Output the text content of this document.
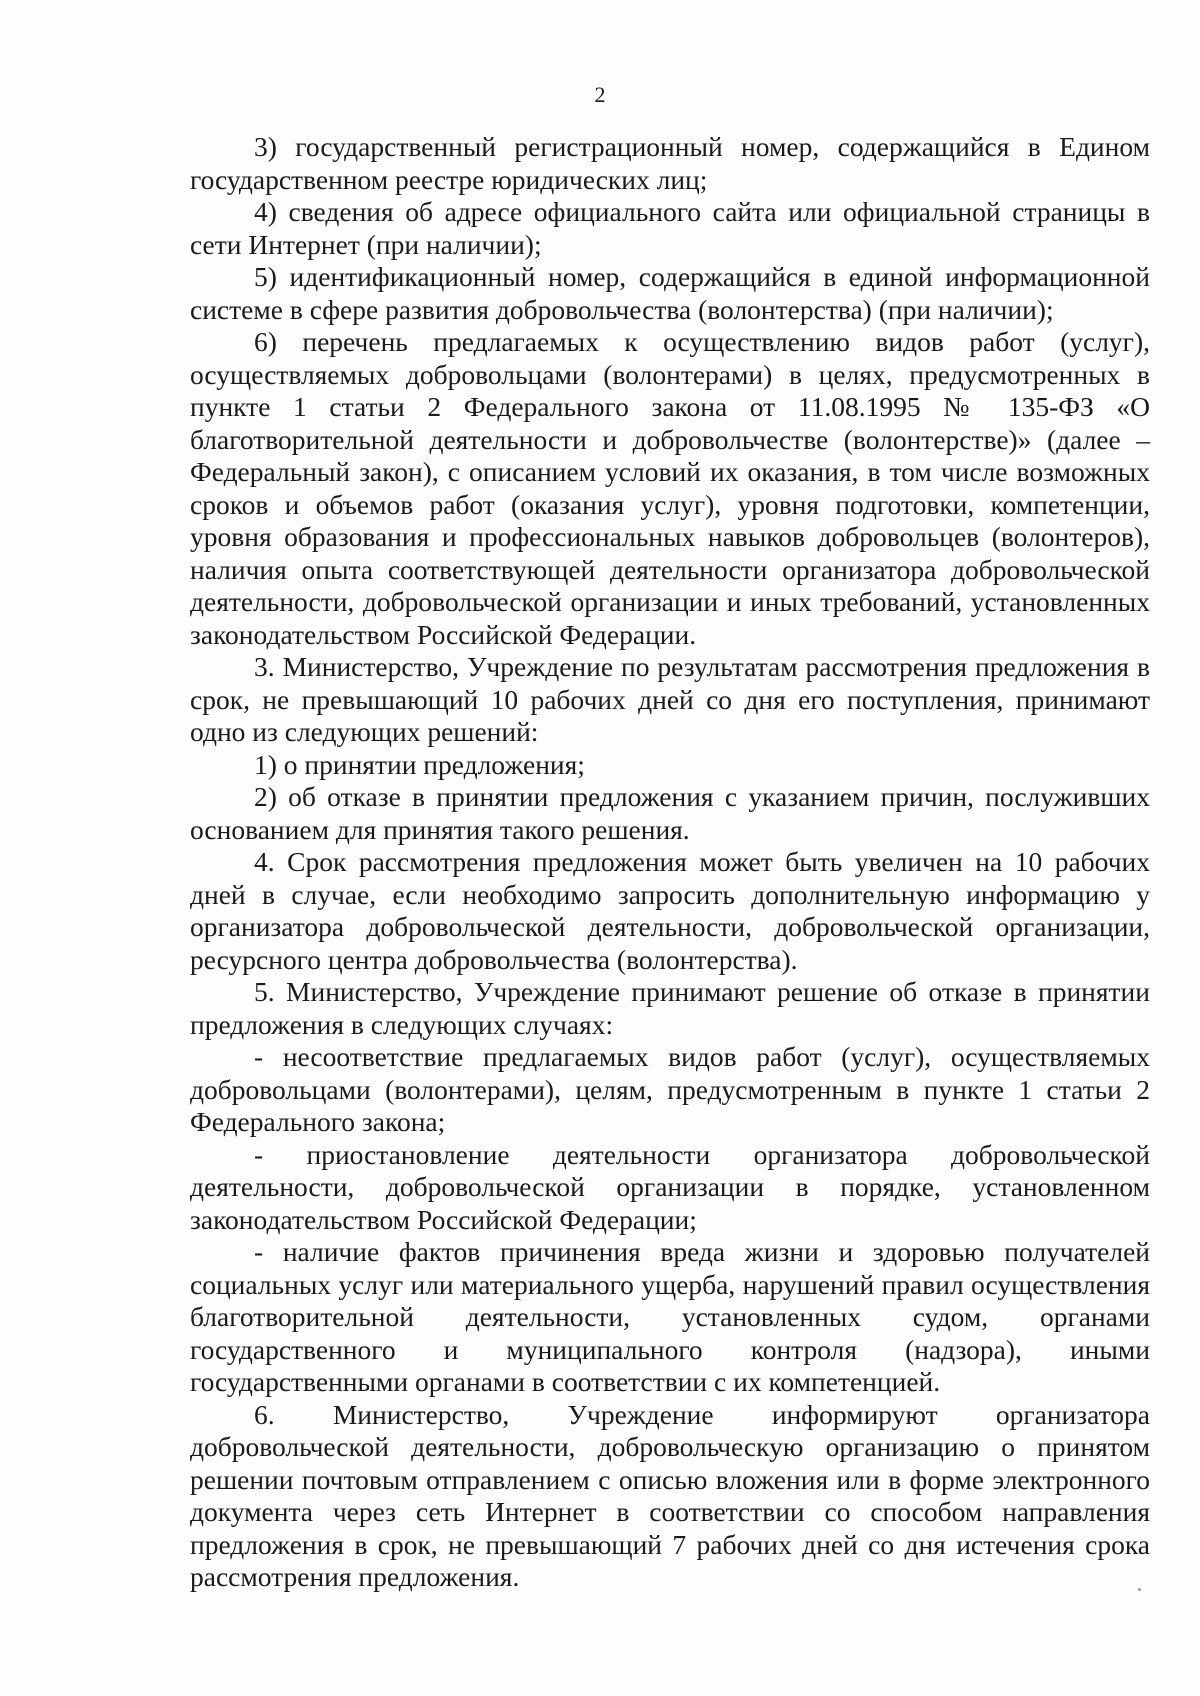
2

3) государственный регистрационный номер, содержащийся в Едином государственном реестре юридических лиц;

4) сведения об адресе официального сайта или официальной страницы в сети Интернет (при наличии);

5) идентификационный номер, содержащийся в единой информационной системе в сфере развития добровольчества (волонтерства) (при наличии);

6) перечень предлагаемых к осуществлению видов работ (услуг), осуществляемых добровольцами (волонтерами) в целях, предусмотренных в пункте 1 статьи 2 Федерального закона от 11.08.1995 № 135-ФЗ «О благотворительной деятельности и добровольчестве (волонтерстве)» (далее – Федеральный закон), с описанием условий их оказания, в том числе возможных сроков и объемов работ (оказания услуг), уровня подготовки, компетенции, уровня образования и профессиональных навыков добровольцев (волонтеров), наличия опыта соответствующей деятельности организатора добровольческой деятельности, добровольческой организации и иных требований, установленных законодательством Российской Федерации.

3. Министерство, Учреждение по результатам рассмотрения предложения в срок, не превышающий 10 рабочих дней со дня его поступления, принимают одно из следующих решений:

1) о принятии предложения;

2) об отказе в принятии предложения с указанием причин, послуживших основанием для принятия такого решения.

4. Срок рассмотрения предложения может быть увеличен на 10 рабочих дней в случае, если необходимо запросить дополнительную информацию у организатора добровольческой деятельности, добровольческой организации, ресурсного центра добровольчества (волонтерства).

5. Министерство, Учреждение принимают решение об отказе в принятии предложения в следующих случаях:

- несоответствие предлагаемых видов работ (услуг), осуществляемых добровольцами (волонтерами), целям, предусмотренным в пункте 1 статьи 2 Федерального закона;

- приостановление деятельности организатора добровольческой деятельности, добровольческой организации в порядке, установленном законодательством Российской Федерации;

- наличие фактов причинения вреда жизни и здоровью получателей социальных услуг или материального ущерба, нарушений правил осуществления благотворительной деятельности, установленных судом, органами государственного и муниципального контроля (надзора), иными государственными органами в соответствии с их компетенцией.

6. Министерство, Учреждение информируют организатора добровольческой деятельности, добровольческую организацию о принятом решении почтовым отправлением с описью вложения или в форме электронного документа через сеть Интернет в соответствии со способом направления предложения в срок, не превышающий 7 рабочих дней со дня истечения срока рассмотрения предложения.
